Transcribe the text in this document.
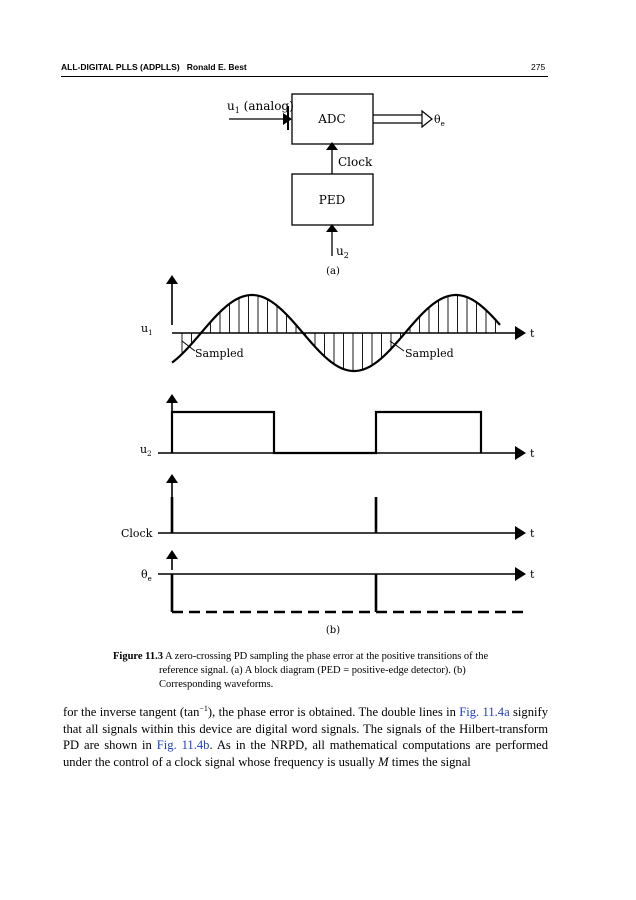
ALL-DIGITAL PLLS (ADPLLS) Ronald E. Best	275
$u_1$ (analog)
ADC	$\theta_e$
Clock
PED
$u_2$
(a)
t
$u_1$
Sampled	Sampled
t
$u_2$
t
Clock
t
$\theta_e$
(b)
Figure 11.3 A zero-crossing PD sampling the phase error at the positive transitions of the
reference signal. (a) A block diagram (PED = positive-edge detector). (b)
Corresponding waveforms.
for the inverse tangent $(\tan^{-1})$, the phase error is obtained. The double lines in Fig. 11.4a signify that all signals within this device are digital word signals. The signals of the Hilbert-transform PD are shown in Fig. 11.4b. As in the NRPD, all mathematical computations are performed under the control of a clock signal whose frequency is usually M times the signal
